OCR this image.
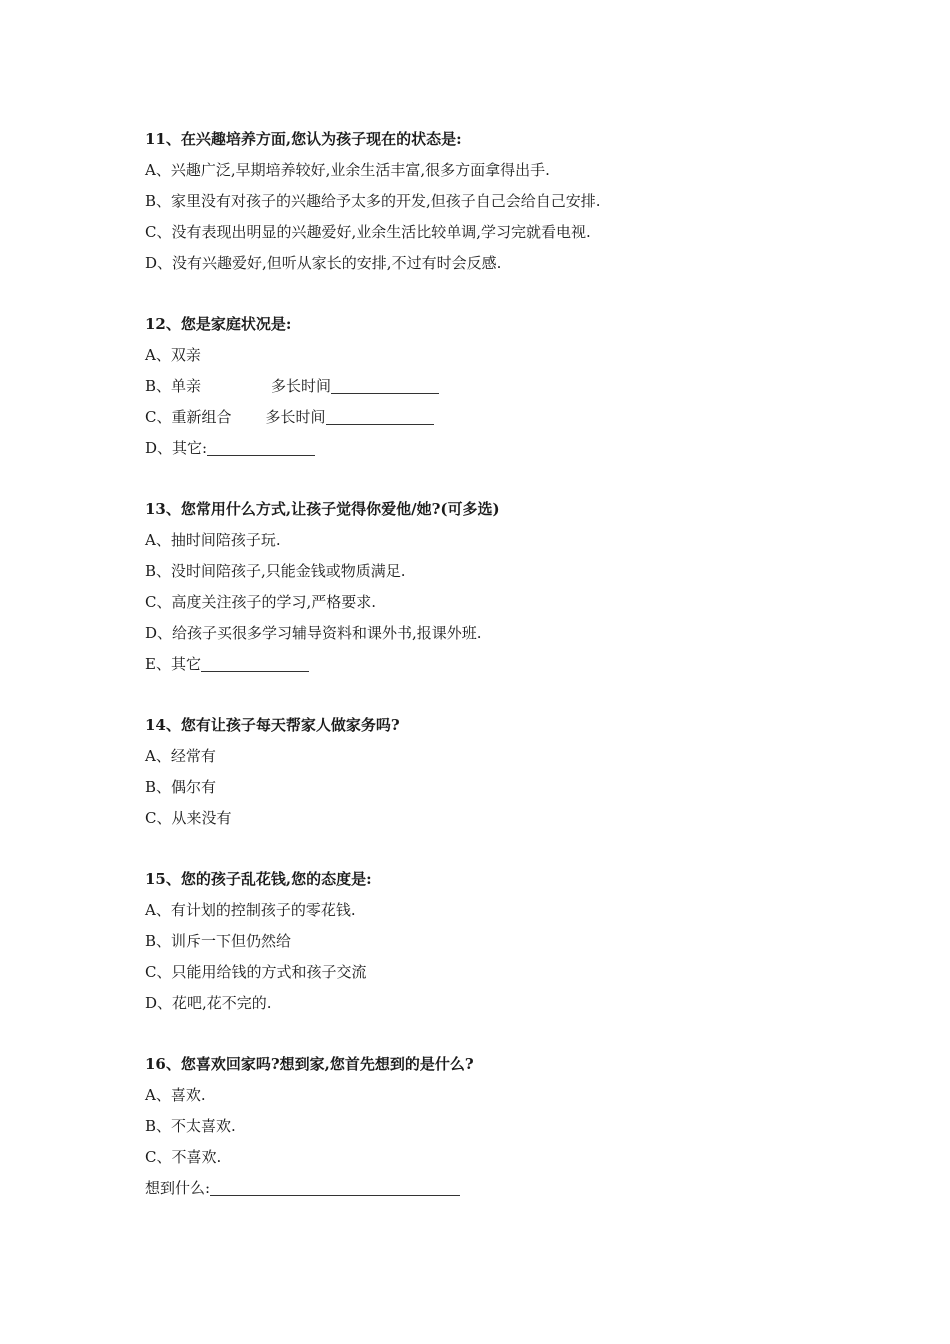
11、在兴趣培养方面,您认为孩子现在的状态是:
A、兴趣广泛,早期培养较好,业余生活丰富,很多方面拿得出手.
B、家里没有对孩子的兴趣给予太多的开发,但孩子自己会给自己安排.
C、没有表现出明显的兴趣爱好,业余生活比较单调,学习完就看电视.
D、没有兴趣爱好,但听从家长的安排,不过有时会反感.
12、您是家庭状况是:
A、双亲
B、单亲	多长时间
C、重新组合 多长时间
D、其它:
13、您常用什么方式,让孩子觉得你爱他/她?(可多选)
A、抽时间陪孩子玩.
B、没时间陪孩子,只能金钱或物质满足.
C、高度关注孩子的学习,严格要求.
D、给孩子买很多学习辅导资料和课外书,报课外班.
E、其它
14、您有让孩子每天帮家人做家务吗?
A、经常有
B、偶尔有
C、从来没有
15、您的孩子乱花钱,您的态度是:
A、有计划的控制孩子的零花钱.
B、训斥一下但仍然给
C、只能用给钱的方式和孩子交流
D、花吧,花不完的.
16、您喜欢回家吗?想到家,您首先想到的是什么?
A、喜欢.
B、不太喜欢.
C、不喜欢.
想到什么:
